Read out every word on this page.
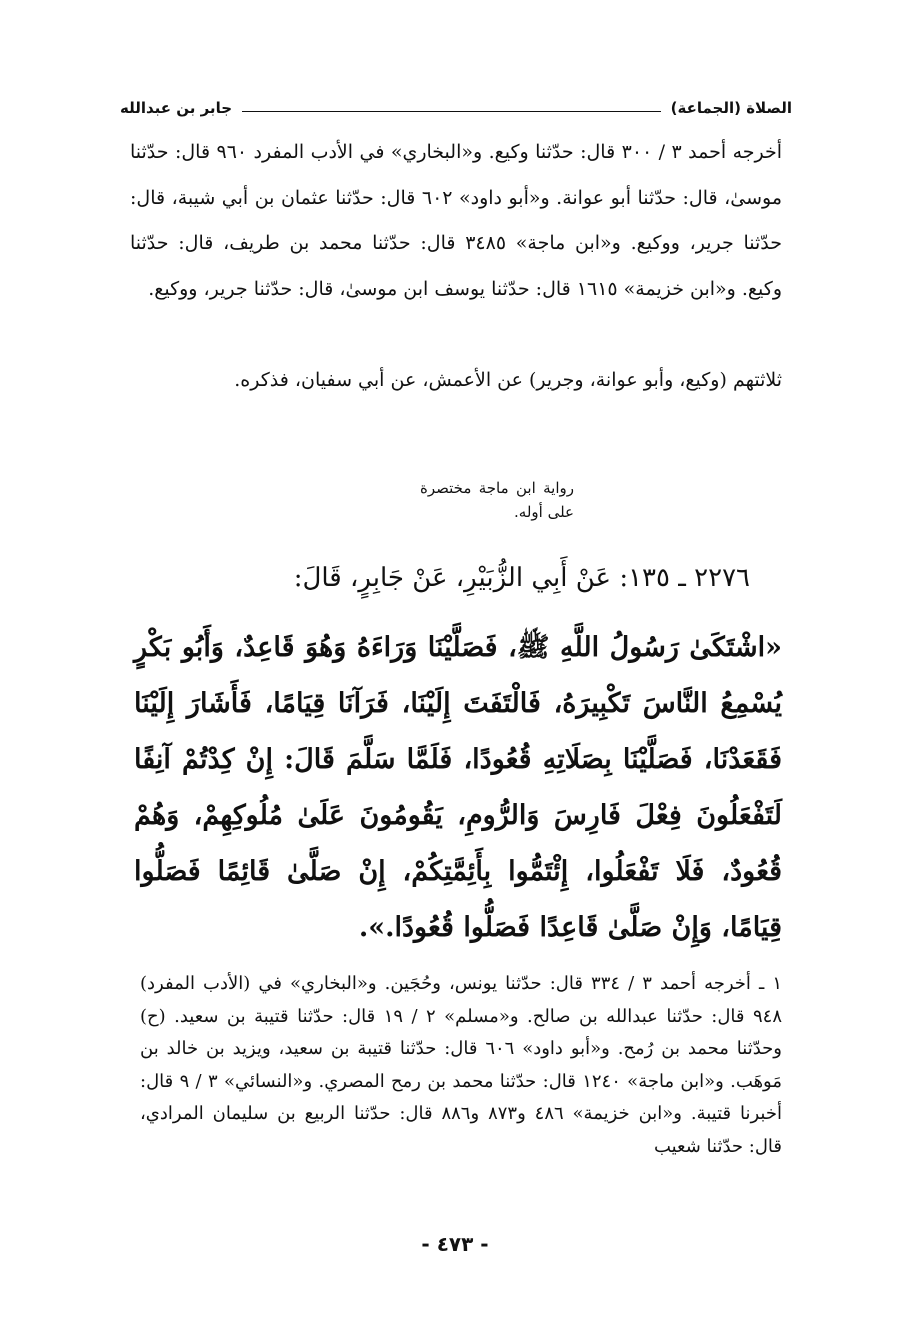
الصلاة (الجماعة)
جابر بن عبدالله

أخرجه أحمد ٣ / ٣٠٠ قال: حدّثنا وكيع. و«البخاري» في الأدب المفرد ٩٦٠ قال: حدّثنا موسىٰ، قال: حدّثنا أبو عوانة. و«أبو داود» ٦٠٢ قال: حدّثنا عثمان بن أبي شيبة، قال: حدّثنا جرير، ووكيع. و«ابن ماجة» ٣٤٨٥ قال: حدّثنا محمد بن طريف، قال: حدّثنا وكيع. و«ابن خزيمة» ١٦١٥ قال: حدّثنا يوسف ابن موسىٰ، قال: حدّثنا جرير، ووكيع.

ثلاثتهم (وكيع، وأبو عوانة، وجرير) عن الأعمش، عن أبي سفيان، فذكره.

رواية ابن ماجة مختصرة على أوله.

٢٢٧٦ ـ ١٣٥: عَنْ أَبِي الزُّبَيْرِ، عَنْ جَابِرٍ، قَالَ:

«اشْتَكَىٰ رَسُولُ اللَّهِ ﷺ، فَصَلَّيْنَا وَرَاءَهُ وَهُوَ قَاعِدٌ، وَأَبُو بَكْرٍ يُسْمِعُ النَّاسَ تَكْبِيرَهُ، فَالْتَفَتَ إِلَيْنَا، فَرَآنَا قِيَامًا، فَأَشَارَ إِلَيْنَا فَقَعَدْنَا، فَصَلَّيْنَا بِصَلَاتِهِ قُعُودًا، فَلَمَّا سَلَّمَ قَالَ: إِنْ كِدْتُمْ آنِفًا لَتَفْعَلُونَ فِعْلَ فَارِسَ وَالرُّومِ، يَقُومُونَ عَلَىٰ مُلُوكِهِمْ، وَهُمْ قُعُودٌ، فَلَا تَفْعَلُوا، إِئْتَمُّوا بِأَئِمَّتِكُمْ، إِنْ صَلَّىٰ قَائِمًا فَصَلُّوا قِيَامًا، وَإِنْ صَلَّىٰ قَاعِدًا فَصَلُّوا قُعُودًا.».

١ ـ أخرجه أحمد ٣ / ٣٣٤ قال: حدّثنا يونس، وحُجَين. و«البخاري» في (الأدب المفرد) ٩٤٨ قال: حدّثنا عبدالله بن صالح. و«مسلم» ٢ / ١٩ قال: حدّثنا قتيبة بن سعيد. (ح) وحدّثنا محمد بن رُمح. و«أبو داود» ٦٠٦ قال: حدّثنا قتيبة بن سعيد، ويزيد بن خالد بن مَوهَب. و«ابن ماجة» ١٢٤٠ قال: حدّثنا محمد بن رمح المصري. و«النسائي» ٣ / ٩ قال: أخبرنا قتيبة. و«ابن خزيمة» ٤٨٦ و٨٧٣ و٨٨٦ قال: حدّثنا الربيع بن سليمان المرادي، قال: حدّثنا شعيب

- ٤٧٣ -
